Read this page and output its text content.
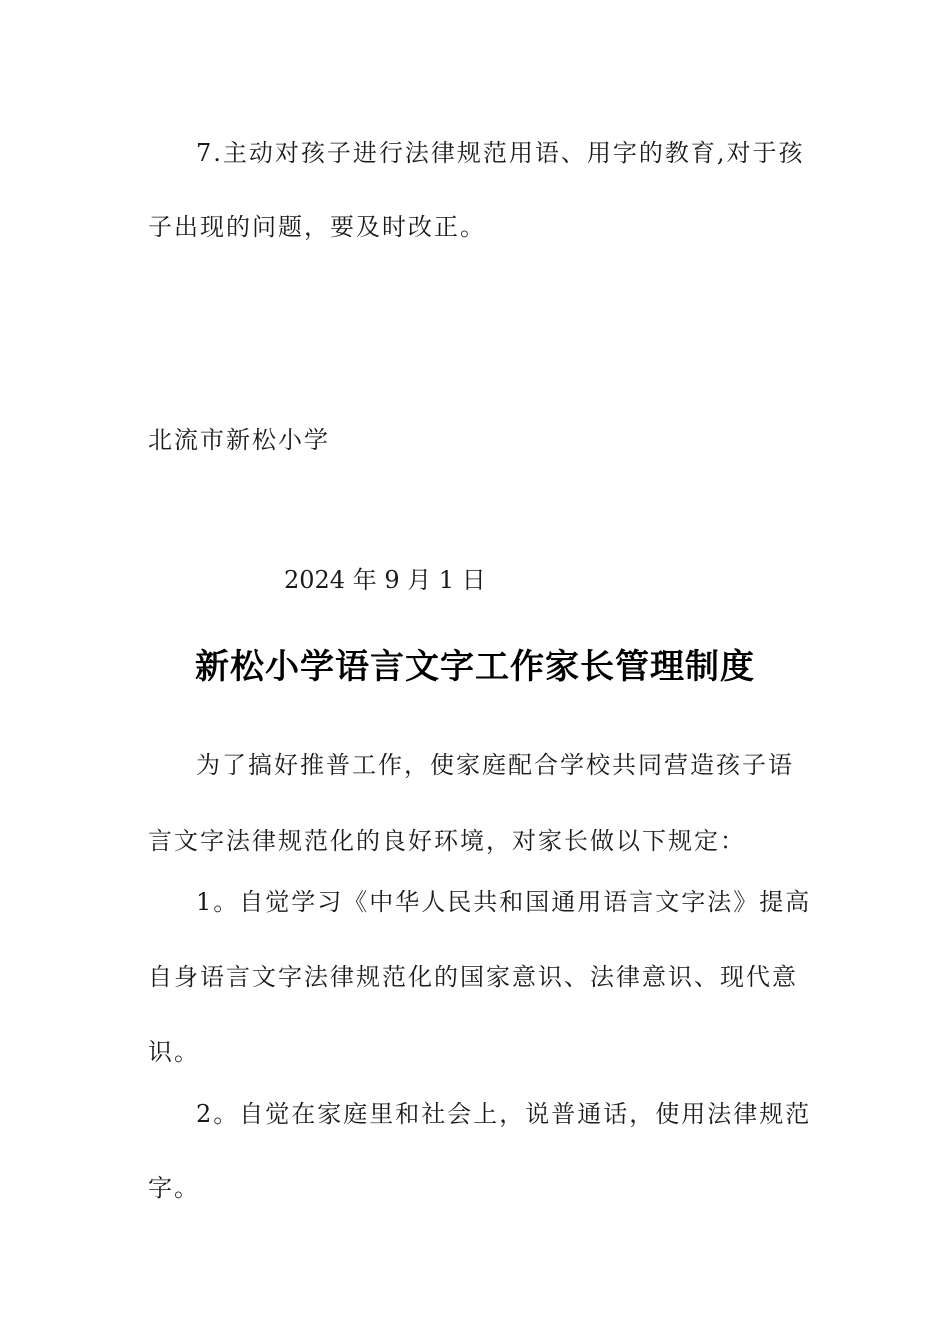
7.主动对孩子进行法律规范用语、用字的教育,对于孩
子出现的问题，要及时改正。
北流市新松小学
2024 年 9 月 1 日
新松小学语言文字工作家长管理制度
为了搞好推普工作，使家庭配合学校共同营造孩子语
言文字法律规范化的良好环境，对家长做以下规定：
1。自觉学习《中华人民共和国通用语言文字法》提高
自身语言文字法律规范化的国家意识、法律意识、现代意
识。
2。自觉在家庭里和社会上，说普通话，使用法律规范
字。
